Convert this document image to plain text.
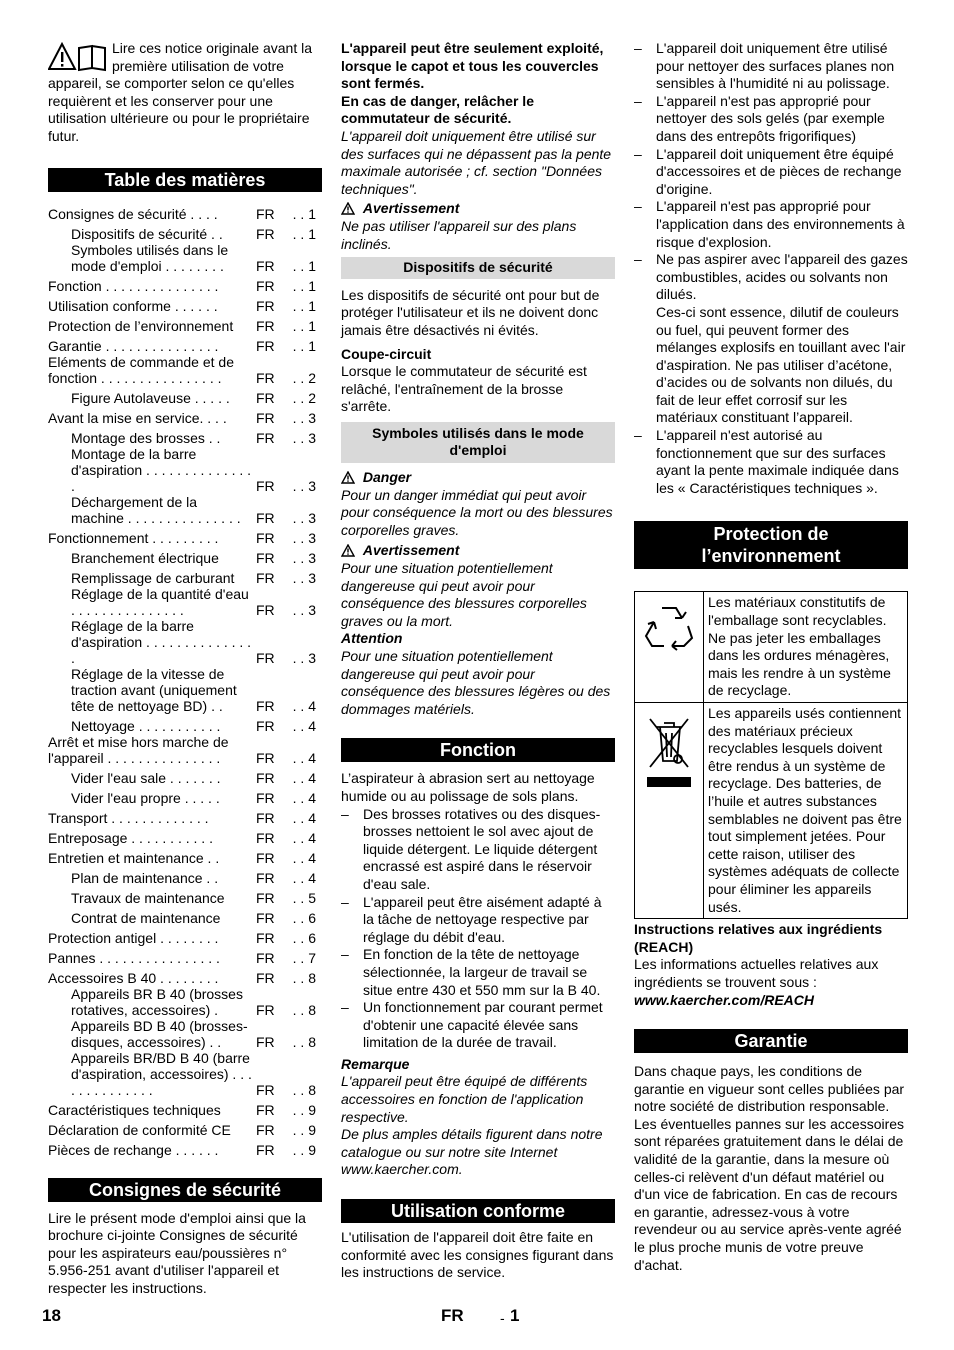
Lire ces notice originale avant la première utilisation de votre appareil, se comporter selon ce qu'elles requièrent et les conserver pour une utilisation ultérieure ou pour le propriétaire futur.

Table des matières
Consignes de sécurité . . . .	FR	. . 1
Dispositifs de sécurité . .	FR	. . 1
Symboles utilisés dans le mode d'emploi . . . . . . . .	FR	. . 1
Fonction . . . . . . . . . . . . . . .	FR	. . 1
Utilisation conforme . . . . . .	FR	. . 1
Protection de l’environnement	FR	. . 1
Garantie . . . . . . . . . . . . . . .	FR	. . 1
Eléments de commande et de fonction . . . . . . . . . . . . . . . .	FR	. . 2
Figure Autolaveuse . . . . .	FR	. . 2
Avant la mise en service. . . .	FR	. . 3
Montage des brosses . .	FR	. . 3
Montage de la barre d'aspiration . . . . . . . . . . . . . . .	FR	. . 3
Déchargement de la machine . . . . . . . . . . . . . . .	FR	. . 3
Fonctionnement . . . . . . . . .	FR	. . 3
Branchement électrique	FR	. . 3
Remplissage de carburant	FR	. . 3
Réglage de la quantité d'eau . . . . . . . . . . . . . . .	FR	. . 3
Réglage de la barre d'aspiration . . . . . . . . . . . . . . .	FR	. . 3
Réglage de la vitesse de traction avant (uniquement tête de nettoyage BD) . .	FR	. . 4
Nettoyage . . . . . . . . . . .	FR	. . 4
Arrêt et mise hors marche de l'appareil . . . . . . . . . . . . . . .	FR	. . 4
Vider l'eau sale . . . . . . .	FR	. . 4
Vider l'eau propre . . . . .	FR	. . 4
Transport . . . . . . . . . . . . .	FR	. . 4
Entreposage . . . . . . . . . . .	FR	. . 4
Entretien et maintenance . .	FR	. . 4
Plan de maintenance . .	FR	. . 4
Travaux de maintenance	FR	. . 5
Contrat de maintenance	FR	. . 6
Protection antigel . . . . . . . .	FR	. . 6
Pannes . . . . . . . . . . . . . . . .	FR	. . 7
Accessoires B 40 . . . . . . . .	FR	. . 8
Appareils BR B 40 (brosses rotatives, accessoires) .	FR	. . 8
Appareils BD B 40 (brosses-disques, accessoires) . .	FR	. . 8
Appareils BR/BD B 40 (barre d'aspiration, accessoires) . . . . . . . . . . . . . .	FR	. . 8
Caractéristiques techniques	FR	. . 9
Déclaration de conformité CE	FR	. . 9
Pièces de rechange . . . . . .	FR	. . 9
Consignes de sécurité

Lire le présent mode d'emploi ainsi que la brochure ci-jointe Consignes de sécurité pour les aspirateurs eau/poussières n° 5.956-251 avant d'utiliser l'appareil et respecter les instructions.

L'appareil peut être seulement exploité, lorsque le capot et tous les couvercles sont fermés.

En cas de danger, relâcher le commutateur de sécurité.

L'appareil doit uniquement être utilisé sur des surfaces qui ne dépassent pas la pente maximale autorisée ; cf. section "Données techniques".

Avertissement

Ne pas utiliser l'appareil sur des plans inclinés.

Dispositifs de sécurité

Les dispositifs de sécurité ont pour but de protéger l'utilisateur et ils ne doivent donc jamais être désactivés ni évités.

Coupe-circuit

Lorsque le commutateur de sécurité est relâché, l'entraînement de la brosse s'arrête.

Symboles utilisés dans le mode d'emploi

Danger

Pour un danger immédiat qui peut avoir pour conséquence la mort ou des blessures corporelles graves.

Avertissement

Pour une situation potentiellement dangereuse qui peut avoir pour conséquence des blessures corporelles graves ou la mort.

Attention

Pour une situation potentiellement dangereuse qui peut avoir pour conséquence des blessures légères ou des dommages matériels.

Fonction

L’aspirateur à abrasion sert au nettoyage humide ou au polissage de sols plans.

– Des brosses rotatives ou des disques-brosses nettoient le sol avec ajout de liquide détergent. Le liquide détergent encrassé est aspiré dans le réservoir d'eau sale.
– L'appareil peut être aisément adapté à la tâche de nettoyage respective par réglage du débit d'eau.
– En fonction de la tête de nettoyage sélectionnée, la largeur de travail se situe entre 430 et 550 mm sur la B 40.
– Un fonctionnement par courant permet d'obtenir une capacité élevée sans limitation de la durée de travail.

Remarque

L'appareil peut être équipé de différents accessoires en fonction de l'application respective.

De plus amples détails figurent dans notre catalogue ou sur notre site Internet www.kaercher.com.

Utilisation conforme

L'utilisation de l'appareil doit être faite en conformité avec les consignes figurant dans les instructions de service.

– L'appareil doit uniquement être utilisé pour nettoyer des surfaces planes non sensibles à l'humidité ni au polissage.
– L'appareil n'est pas approprié pour nettoyer des sols gelés (par exemple dans des entrepôts frigorifiques)
– L'appareil doit uniquement être équipé d'accessoires et de pièces de rechange d'origine.
– L'appareil n'est pas approprié pour l'application dans des environnements à risque d'explosion.
– Ne pas aspirer avec l'appareil des gazes combustibles, acides ou solvants non dilués.
Ces-ci sont essence, dilutif de couleurs ou fuel, qui peuvent former des mélanges explosifs en touillant avec l'air d'aspiration. Ne pas utiliser d’acétone, d’acides ou de solvants non dilués, du fait de leur effet corrosif sur les matériaux constituant l’appareil.
– L'appareil n'est autorisé au fonctionnement que sur des surfaces ayant la pente maximale indiquée dans les « Caractéristiques techniques ».
Protection de l’environnement
	Les matériaux constitutifs de l'emballage sont recyclables. Ne pas jeter les emballages dans les ordures ménagères, mais les rendre à un système de recyclage.
	Les appareils usés contiennent des matériaux précieux recyclables lesquels doivent être rendus à un système de recyclage. Des batteries, de l’huile et autres substances semblables ne doivent pas être tout simplement jetées. Pour cette raison, utiliser des systèmes adéquats de collecte pour éliminer les appareils usés.

Instructions relatives aux ingrédients (REACH)

Les informations actuelles relatives aux ingrédients se trouvent sous :

www.kaercher.com/REACH

Garantie

Dans chaque pays, les conditions de garantie en vigueur sont celles publiées par notre société de distribution responsable. Les éventuelles pannes sur les accessoires sont réparées gratuitement dans le délai de validité de la garantie, dans la mesure où celles-ci relèvent d'un défaut matériel ou d'un vice de fabrication. En cas de recours en garantie, adressez-vous à votre revendeur ou au service après-vente agréé le plus proche munis de votre preuve d'achat.

18	FR	- 1
